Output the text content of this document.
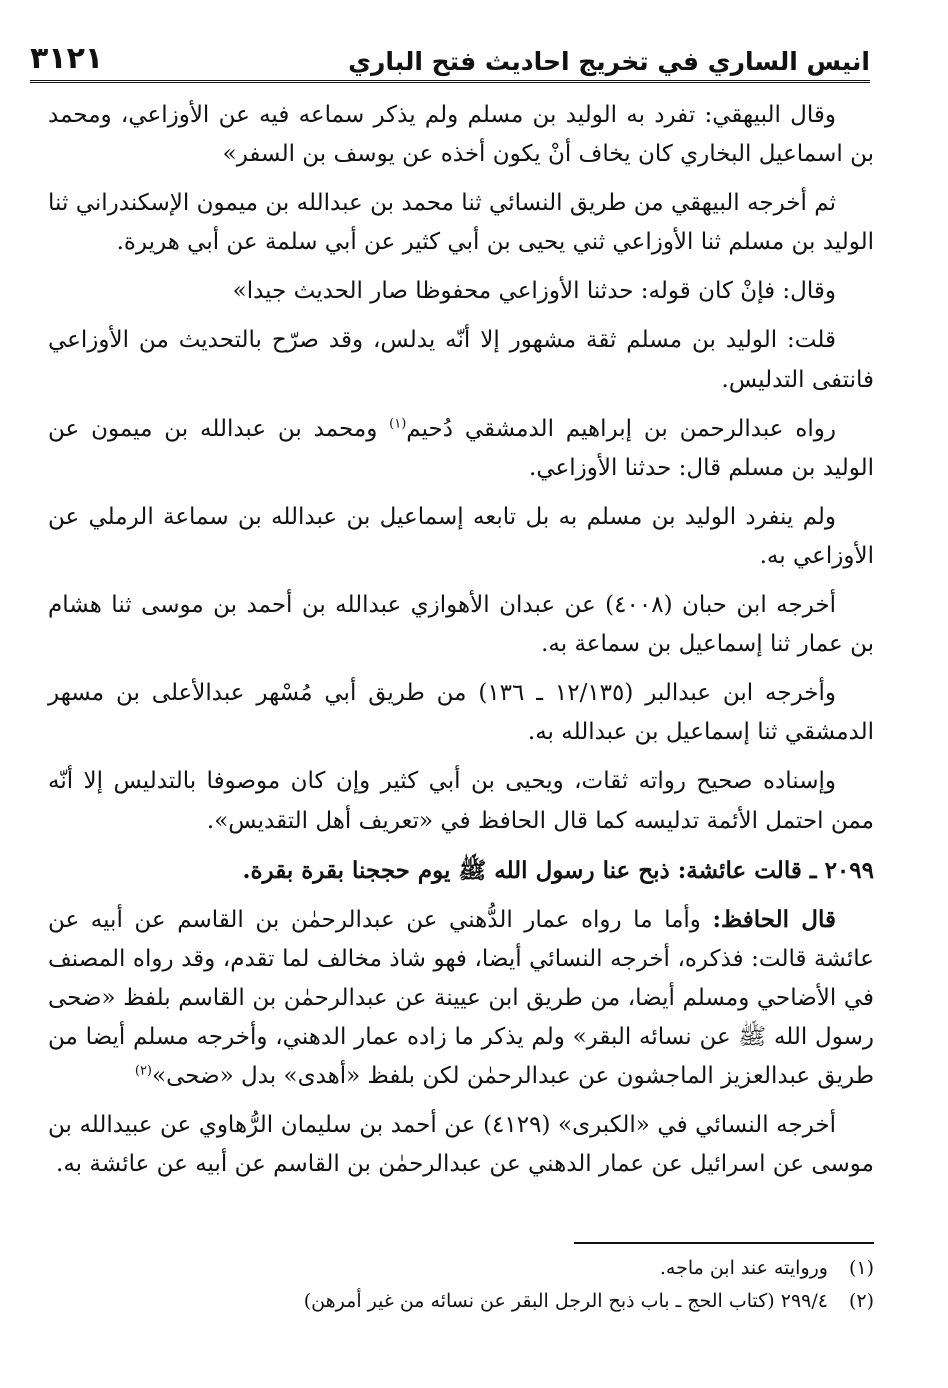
انيس الساري في تخريج احاديث فتح الباري
٣١٢١

وقال البيهقي: تفرد به الوليد بن مسلم ولم يذكر سماعه فيه عن الأوزاعي، ومحمد بن اسماعيل البخاري كان يخاف أنْ يكون أخذه عن يوسف بن السفر»

ثم أخرجه البيهقي من طريق النسائي ثنا محمد بن عبدالله بن ميمون الإسكندراني ثنا الوليد بن مسلم ثنا الأوزاعي ثني يحيى بن أبي كثير عن أبي سلمة عن أبي هريرة.

وقال: فإنْ كان قوله: حدثنا الأوزاعي محفوظا صار الحديث جيدا»

قلت: الوليد بن مسلم ثقة مشهور إلا أنّه يدلس، وقد صرّح بالتحديث من الأوزاعي فانتفى التدليس.

رواه عبدالرحمن بن إبراهيم الدمشقي دُحيم$^{(١)}$ ومحمد بن عبدالله بن ميمون عن الوليد بن مسلم قال: حدثنا الأوزاعي.

ولم ينفرد الوليد بن مسلم به بل تابعه إسماعيل بن عبدالله بن سماعة الرملي عن الأوزاعي به.

أخرجه ابن حبان (٤٠٠٨) عن عبدان الأهوازي عبدالله بن أحمد بن موسى ثنا هشام بن عمار ثنا إسماعيل بن سماعة به.

وأخرجه ابن عبدالبر (١٢/١٣٥ ـ ١٣٦) من طريق أبي مُسْهر عبدالأعلى بن مسهر الدمشقي ثنا إسماعيل بن عبدالله به.

وإسناده صحيح رواته ثقات، ويحيى بن أبي كثير وإن كان موصوفا بالتدليس إلا أنّه ممن احتمل الأئمة تدليسه كما قال الحافظ في «تعريف أهل التقديس».

٢٠٩٩ ـ قالت عائشة: ذبح عنا رسول الله ﷺ يوم حججنا بقرة بقرة.

قال الحافظ: وأما ما رواه عمار الدُّهني عن عبدالرحمٰن بن القاسم عن أبيه عن عائشة قالت: فذكره، أخرجه النسائي أيضا، فهو شاذ مخالف لما تقدم، وقد رواه المصنف في الأضاحي ومسلم أيضا، من طريق ابن عيينة عن عبدالرحمٰن بن القاسم بلفظ «ضحى رسول الله ﷺ عن نسائه البقر» ولم يذكر ما زاده عمار الدهني، وأخرجه مسلم أيضا من طريق عبدالعزيز الماجشون عن عبدالرحمٰن لكن بلفظ «أهدى» بدل «ضحى»$^{(٢)}$

أخرجه النسائي في «الكبرى» (٤١٢٩) عن أحمد بن سليمان الرُّهاوي عن عبيدالله بن موسى عن اسرائيل عن عمار الدهني عن عبدالرحمٰن بن القاسم عن أبيه عن عائشة به.

(١)
وروايته عند ابن ماجه.
(٢)
٢٩٩/٤ (كتاب الحج ـ باب ذبح الرجل البقر عن نسائه من غير أمرهن)
